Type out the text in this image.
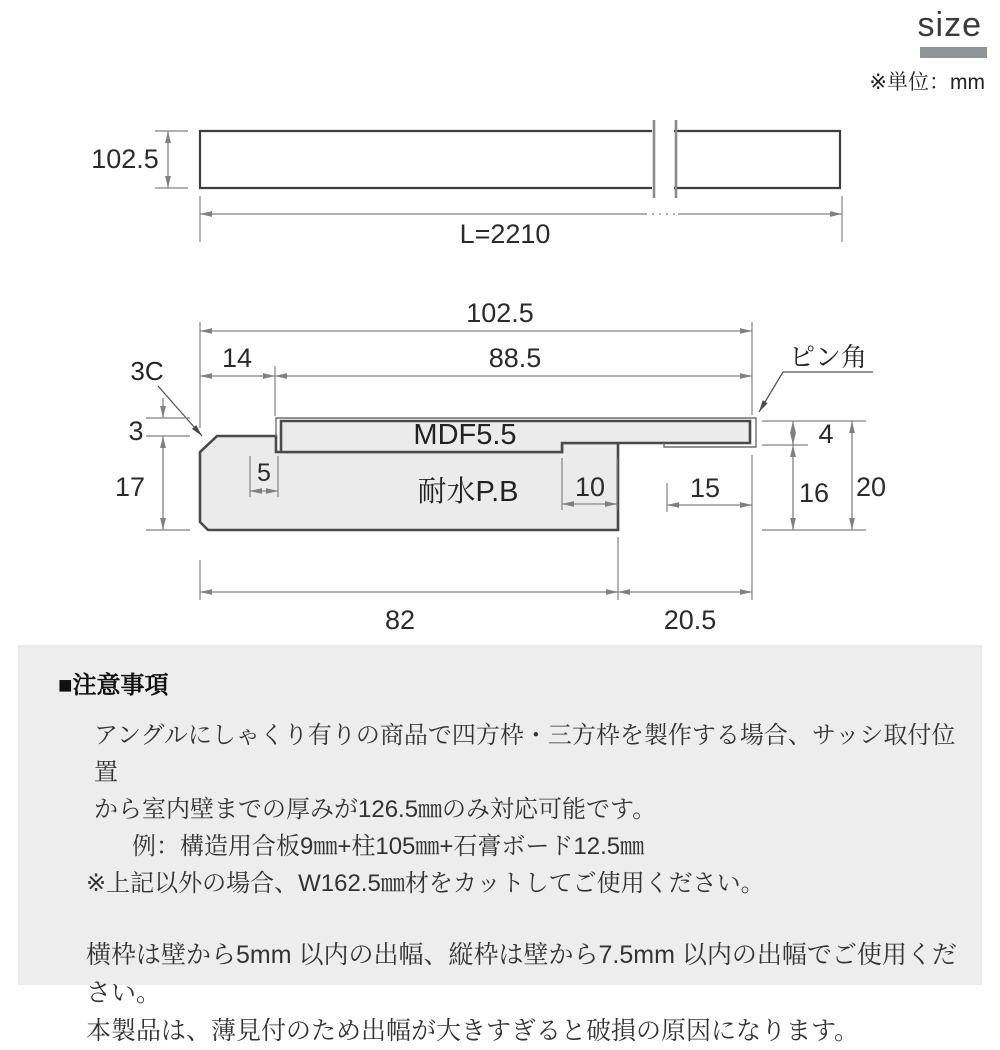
size
※単位：mm
102.5
L=2210
MDF5.5
耐水P.B
102.5
14	88.5
3C	ピン角
3
17	5	10	15
4
16 20
82	20.5
■注意事項

アングルにしゃくり有りの商品で四方枠・三方枠を製作する場合、サッシ取付位置

から室内壁までの厚みが126.5㎜のみ対応可能です。

例：構造用合板9㎜+柱105㎜+石膏ボード12.5㎜

※上記以外の場合、W162.5㎜材をカットしてご使用ください。

横枠は壁から5mm 以内の出幅、縦枠は壁から7.5mm 以内の出幅でご使用ください。

本製品は、薄見付のため出幅が大きすぎると破損の原因になります。
